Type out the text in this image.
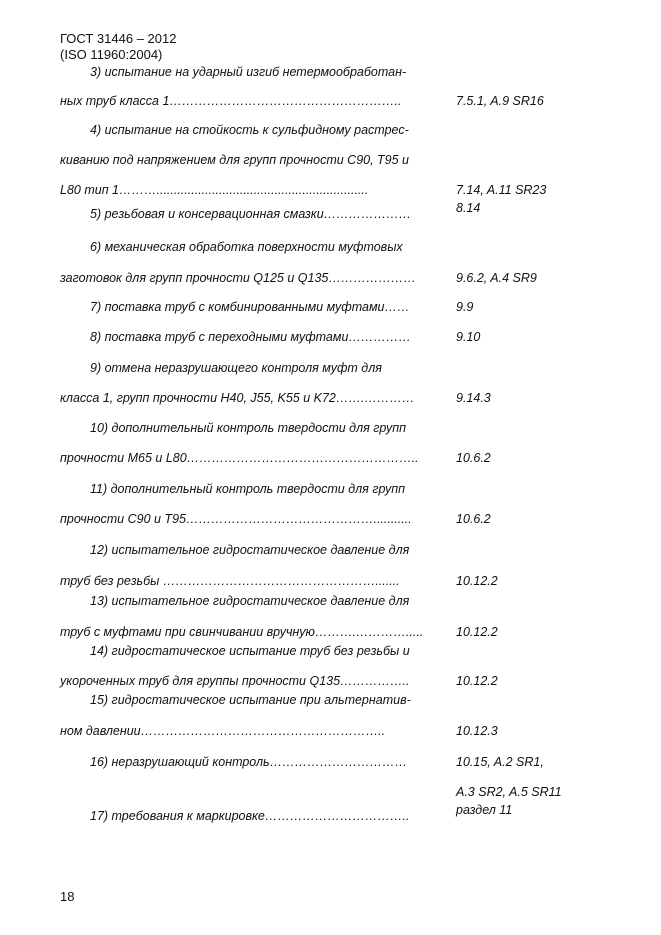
ГОСТ 31446 – 2012
(ISO 11960:2004)
3) испытание на ударный изгиб нетермообработан-
ных труб класса 1………………………………………………..	7.5.1, A.9 SR16
4) испытание на стойкость к сульфидному растрес-
киванию под напряжением для групп прочности С90, Т95 и
L80 тип 1……….............................................................	7.14, A.11 SR23
5) резьбовая и консервационная смазки…………………	8.14
6) механическая обработка поверхности муфтовых
заготовок для групп прочности Q125 и Q135…………………	9.6.2, A.4 SR9
7) поставка труб с комбинированными муфтами……	9.9
8) поставка труб с переходными муфтами……………	9.10
9) отмена неразрушающего контроля муфт для
класса 1, групп прочности Н40, J55, K55 и K72…….…………	9.14.3
10) дополнительный контроль твердости для групп
прочности М65 и L80………………………………………………..	10.6.2
11) дополнительный контроль твердости для групп
прочности С90 и Т95………………………………………...........	10.6.2
12) испытательное гидростатическое давление для
труб без резьбы …………………………………………….......	10.12.2
13) испытательное гидростатическое давление для
труб с муфтами при свинчивании вручную……….………….....	10.12.2
14) гидростатическое испытание труб без резьбы и
укороченных труб для группы прочности Q135……………..	10.12.2
15) гидростатическое испытание при альтернатив-
ном давлении…………………………………………………..	10.12.3
16) неразрушающий контроль……………………………	10.15, A.2 SR1,
A.3 SR2, A.5 SR11
17) требования к маркировке……………………………..	раздел 11
18
